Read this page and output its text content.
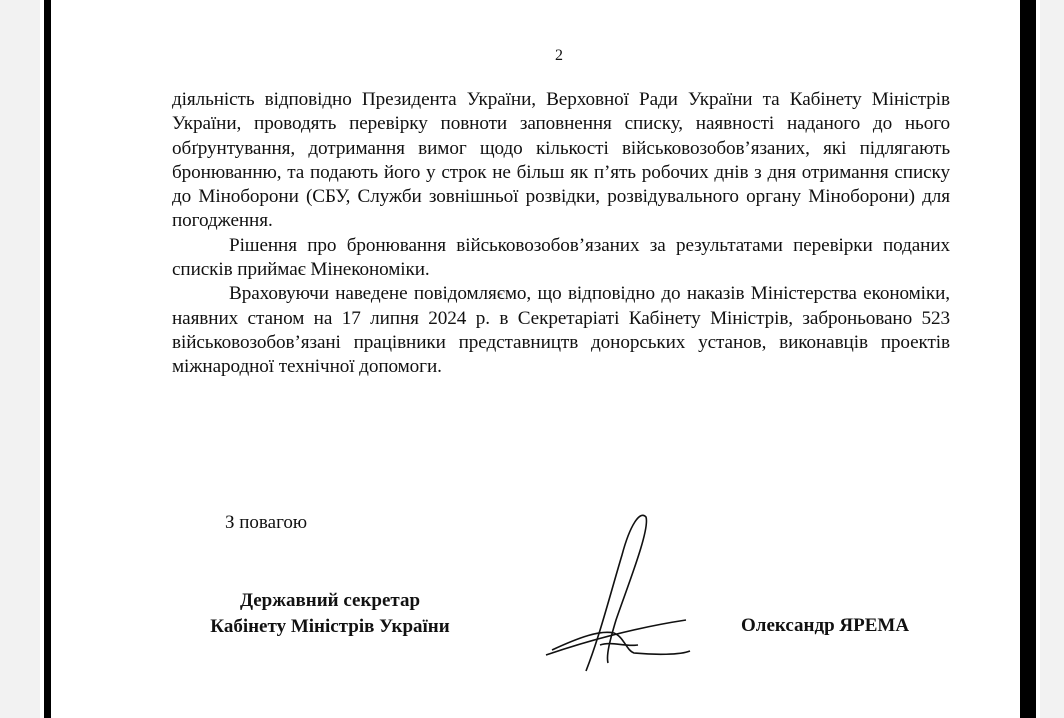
2

діяльність відповідно Президента України, Верховної Ради України та Кабінету Міністрів України, проводять перевірку повноти заповнення списку, наявності наданого до нього обґрунтування, дотримання вимог щодо кількості військовозобов’язаних, які підлягають бронюванню, та подають його у строк не більш як п’ять робочих днів з дня отримання списку до Міноборони (СБУ, Служби зовнішньої розвідки, розвідувального органу Міноборони) для погодження.

Рішення про бронювання військовозобов’язаних за результатами перевірки поданих списків приймає Мінекономіки.

Враховуючи наведене повідомляємо, що відповідно до наказів Міністерства економіки, наявних станом на 17 липня 2024 р. в Секретаріаті Кабінету Міністрів, заброньовано 523 військовозобов’язані працівники представництв донорських установ, виконавців проектів міжнародної технічної допомоги.

З повагою
Державний секретар
Кабінету Міністрів України	Олександр ЯРЕМА
